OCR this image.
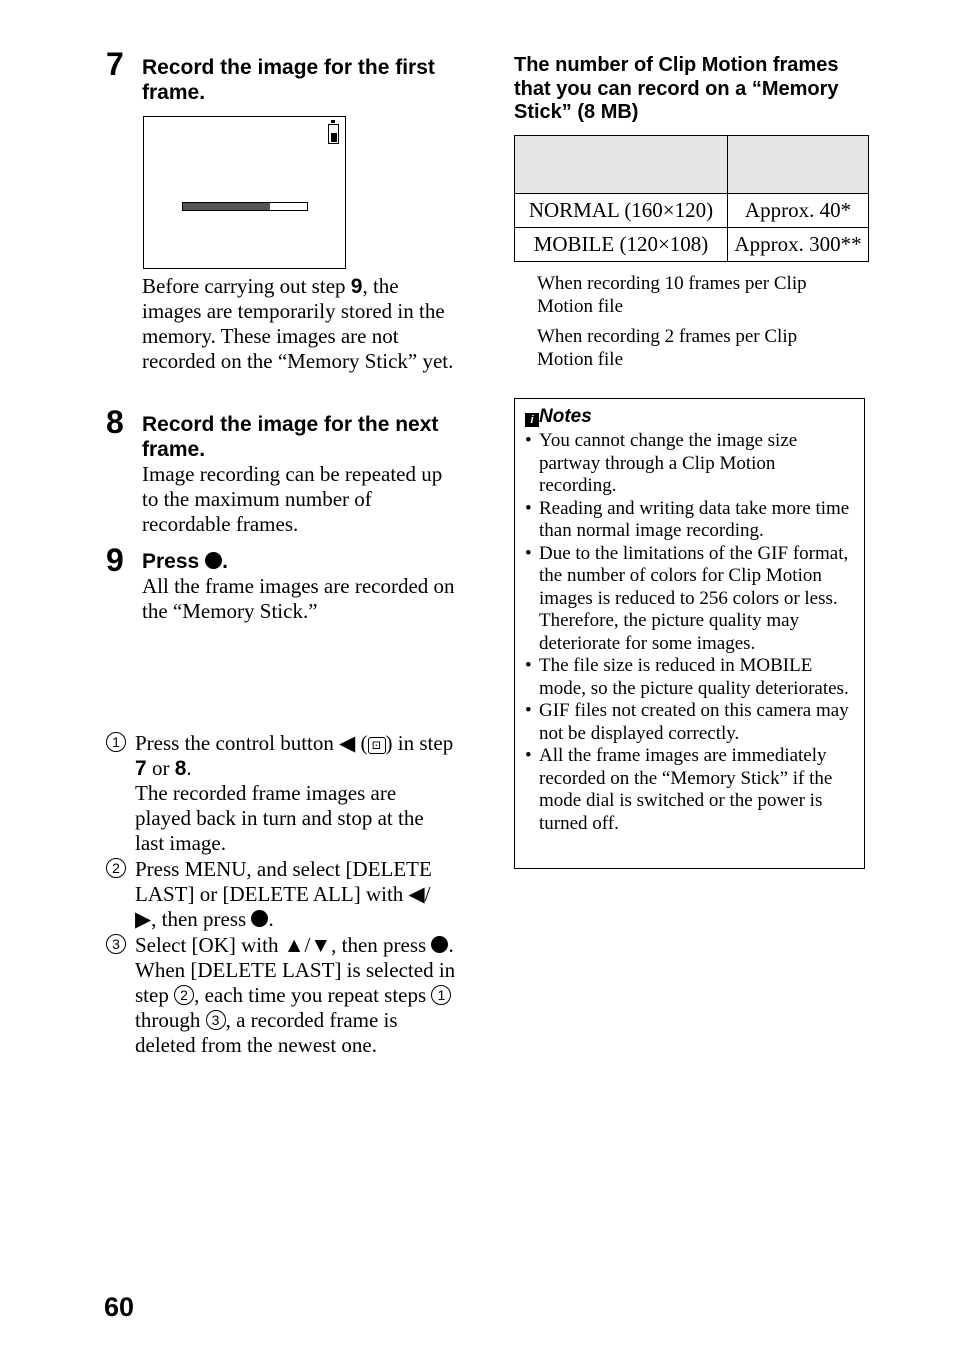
7 Record the image for the first frame.
Before carrying out step 9, the images are temporarily stored in the memory. These images are not recorded on the “Memory Stick” yet.
8 Record the image for the next frame.
Image recording can be repeated up to the maximum number of recordable frames.
9 Press .
All the frame images are recorded on the “Memory Stick.”
1 Press the control button ◀ ( ⊡ ) in step 7 or 8.
The recorded frame images are played back in turn and stop at the last image.
2 Press MENU, and select [DELETE LAST] or [DELETE ALL] with ◀/ ▶, then press .
3 Select [OK] with ▲/▼, then press .
When [DELETE LAST] is selected in step 2 , each time you repeat steps 1 through 3 , a recorded frame is deleted from the newest one.
The number of Clip Motion frames that you can record on a “Memory Stick” (8 MB)

NORMAL (160×120)	Approx. 40*
MOBILE (120×108)	Approx. 300**
When recording 10 frames per Clip Motion file
When recording 2 frames per Clip Motion file
i Notes
• You cannot change the image size partway through a Clip Motion recording.
• Reading and writing data take more time than normal image recording.
• Due to the limitations of the GIF format, the number of colors for Clip Motion images is reduced to 256 colors or less. Therefore, the picture quality may deteriorate for some images.
• The file size is reduced in MOBILE mode, so the picture quality deteriorates.
• GIF files not created on this camera may not be displayed correctly.
• All the frame images are immediately recorded on the “Memory Stick” if the mode dial is switched or the power is turned off.
60
